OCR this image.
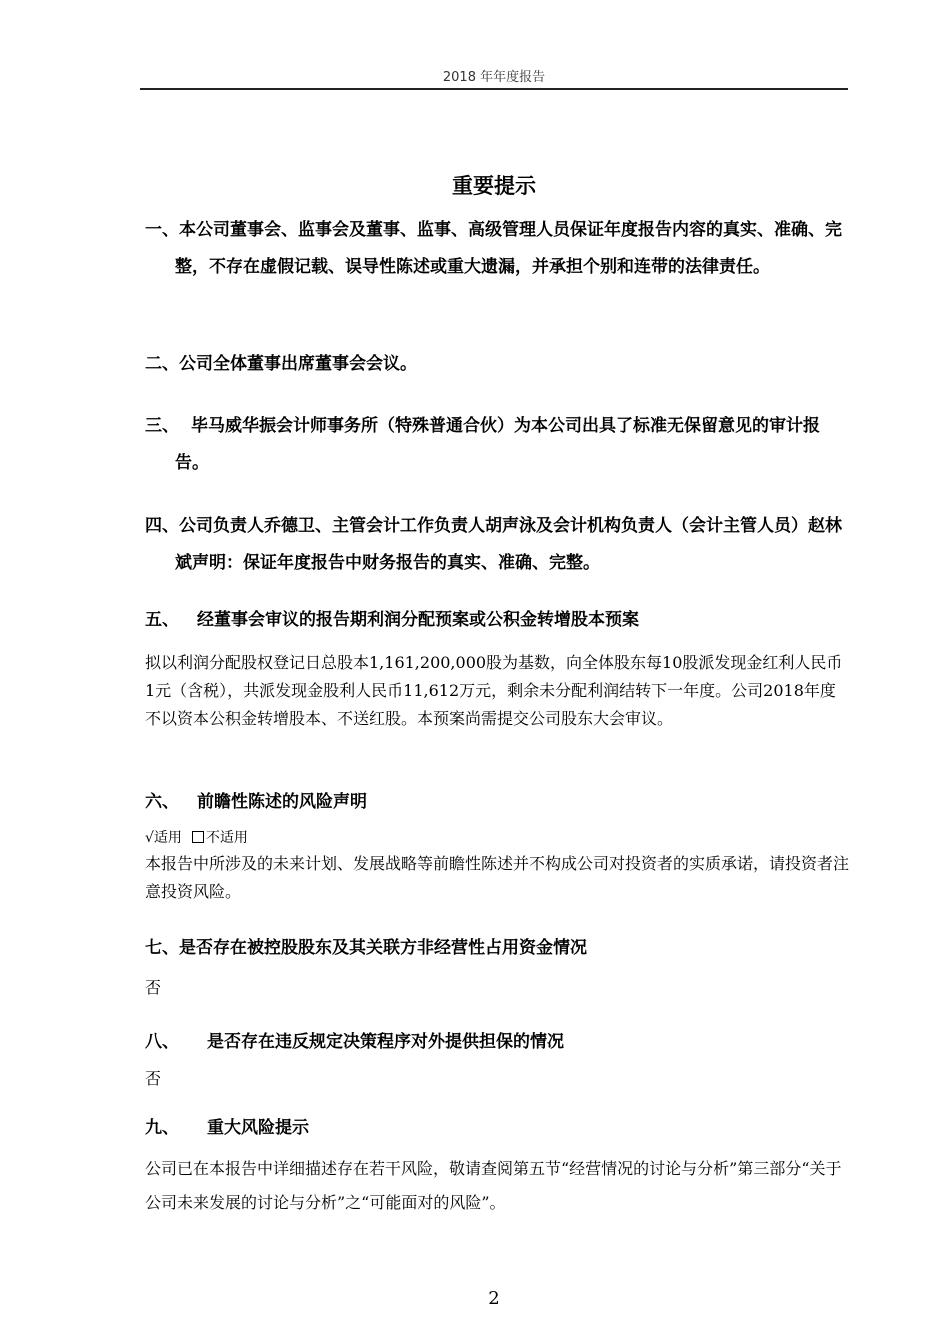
2018 年年度报告
重要提示
一、本公司董事会、监事会及董事、监事、高级管理人员保证年度报告内容的真实、准确、完整，不存在虚假记载、误导性陈述或重大遗漏，并承担个别和连带的法律责任。
二、公司全体董事出席董事会会议。
三、 毕马威华振会计师事务所（特殊普通合伙）为本公司出具了标准无保留意见的审计报告。
四、公司负责人乔德卫、主管会计工作负责人胡声泳及会计机构负责人（会计主管人员）赵林斌声明：保证年度报告中财务报告的真实、准确、完整。
五、 经董事会审议的报告期利润分配预案或公积金转增股本预案
拟以利润分配股权登记日总股本1,161,200,000股为基数，向全体股东每10股派发现金红利人民币1元（含税），共派发现金股利人民币11,612万元，剩余未分配利润结转下一年度。公司2018年度不以资本公积金转增股本、不送红股。本预案尚需提交公司股东大会审议。
六、 前瞻性陈述的风险声明
√适用 不适用
本报告中所涉及的未来计划、发展战略等前瞻性陈述并不构成公司对投资者的实质承诺，请投资者注意投资风险。
七、是否存在被控股股东及其关联方非经营性占用资金情况
否
八、 是否存在违反规定决策程序对外提供担保的情况
否
九、 重大风险提示
公司已在本报告中详细描述存在若干风险，敬请查阅第五节“经营情况的讨论与分析”第三部分“关于公司未来发展的讨论与分析”之“可能面对的风险”。
2
